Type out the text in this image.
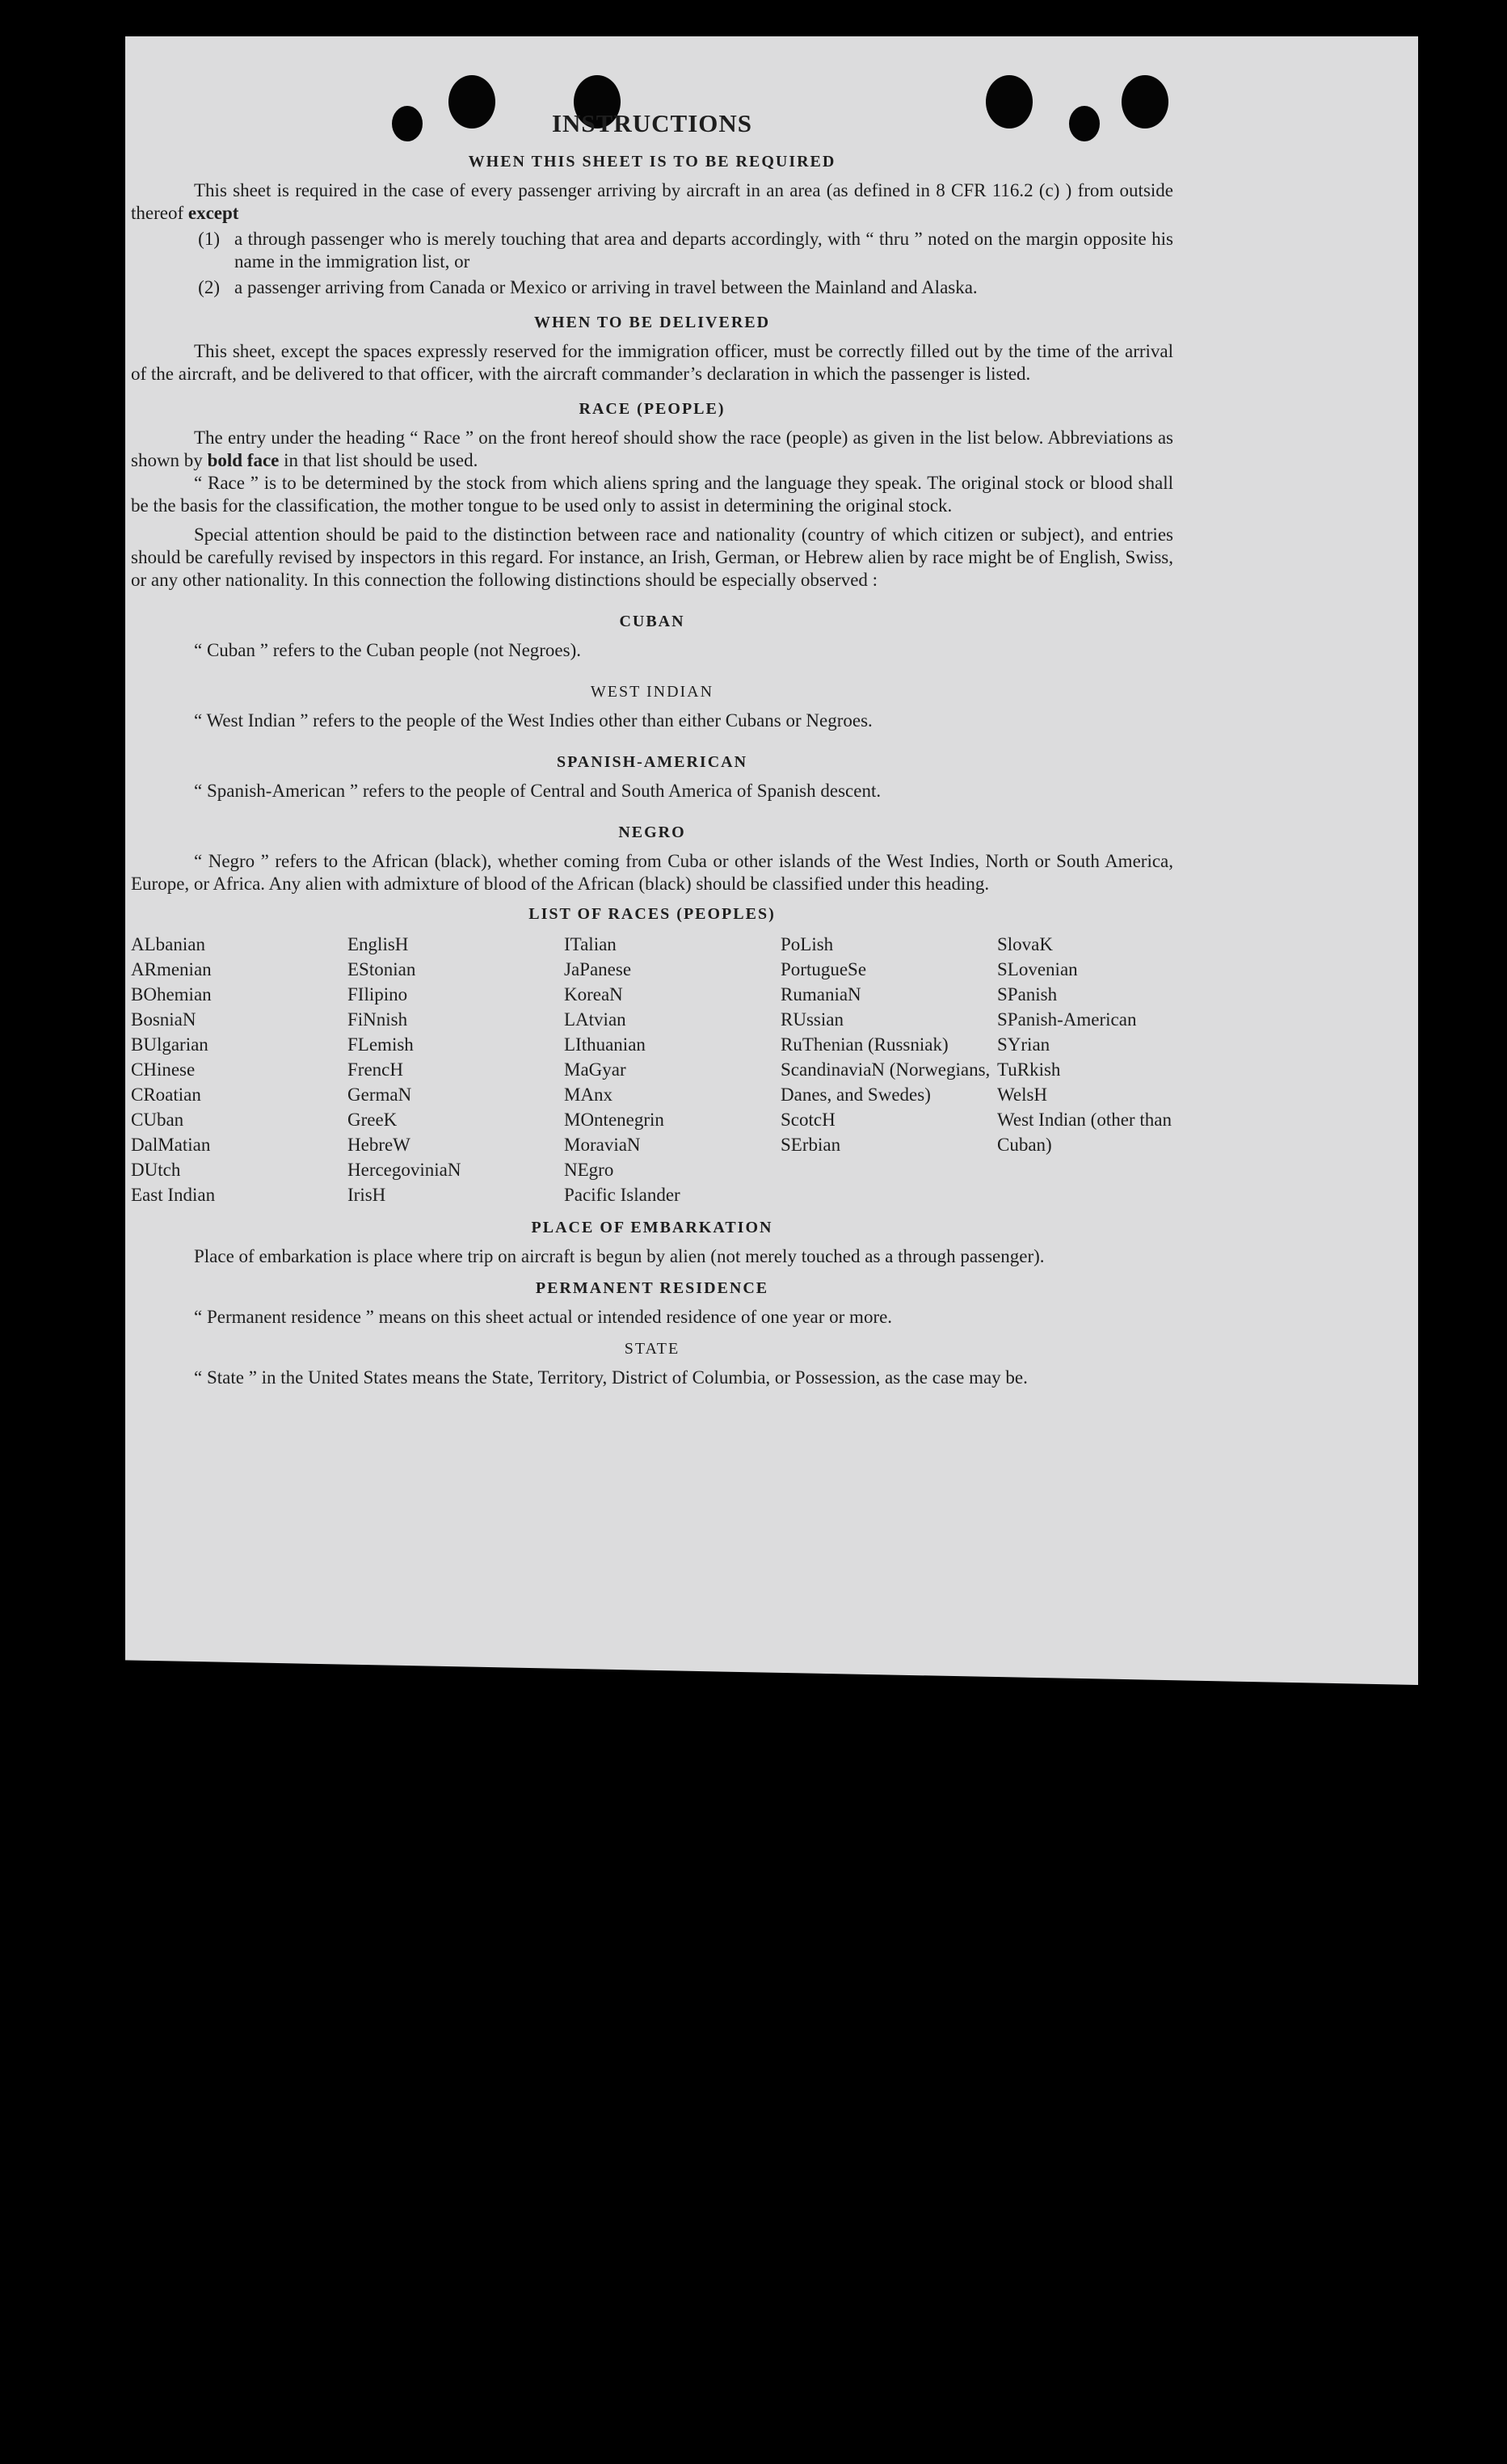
INSTRUCTIONS
WHEN THIS SHEET IS TO BE REQUIRED

This sheet is required in the case of every passenger arriving by aircraft in an area (as defined in 8 CFR 116.2 (c) ) from outside thereof except

(1) a through passenger who is merely touching that area and departs accordingly, with “ thru ” noted on the margin opposite his name in the immigration list, or
(2) a passenger arriving from Canada or Mexico or arriving in travel between the Mainland and Alaska.
WHEN TO BE DELIVERED

This sheet, except the spaces expressly reserved for the immigration officer, must be correctly filled out by the time of the arrival of the aircraft, and be delivered to that officer, with the aircraft commander’s declaration in which the passenger is listed.

RACE (PEOPLE)

The entry under the heading “ Race ” on the front hereof should show the race (people) as given in the list below. Abbreviations as shown by bold face in that list should be used.

“ Race ” is to be determined by the stock from which aliens spring and the language they speak. The original stock or blood shall be the basis for the classification, the mother tongue to be used only to assist in determining the original stock.

Special attention should be paid to the distinction between race and nationality (country of which citizen or subject), and entries should be carefully revised by inspectors in this regard. For instance, an Irish, German, or Hebrew alien by race might be of English, Swiss, or any other nationality. In this connection the following distinctions should be especially observed :

CUBAN
“ Cuban ” refers to the Cuban people (not Negroes).
WEST INDIAN
“ West Indian ” refers to the people of the West Indies other than either Cubans or Negroes.
SPANISH-AMERICAN
“ Spanish-American ” refers to the people of Central and South America of Spanish descent.
NEGRO

“ Negro ” refers to the African (black), whether coming from Cuba or other islands of the West Indies, North or South America, Europe, or Africa. Any alien with admixture of blood of the African (black) should be classified under this heading.

LIST OF RACES (PEOPLES)
ALbanian
ARmenian
BOhemian
BosniaN
BUlgarian
CHinese
CRoatian
CUban
DalMatian
DUtch
East Indian
EnglisH
EStonian
FIlipino
FiNnish
FLemish
FrencH
GermaN
GreeK
HebreW
HercegoviniaN
IrisH
ITalian
JaPanese
KoreaN
LAtvian
LIthuanian
MaGyar
MAnx
MOntenegrin
MoraviaN
NEgro
Pacific Islander
PoLish
PortugueSe
RumaniaN
RUssian
RuThenian (Russniak)
ScandinaviaN (Norwegians, Danes, and Swedes)
ScotcH
SErbian
SlovaK
SLovenian
SPanish
SPanish-American
SYrian
TuRkish
WelsH
West Indian (other than Cuban)
PLACE OF EMBARKATION

Place of embarkation is place where trip on aircraft is begun by alien (not merely touched as a through passenger).

PERMANENT RESIDENCE

“ Permanent residence ” means on this sheet actual or intended residence of one year or more.

STATE

“ State ” in the United States means the State, Territory, District of Columbia, or Possession, as the case may be.
